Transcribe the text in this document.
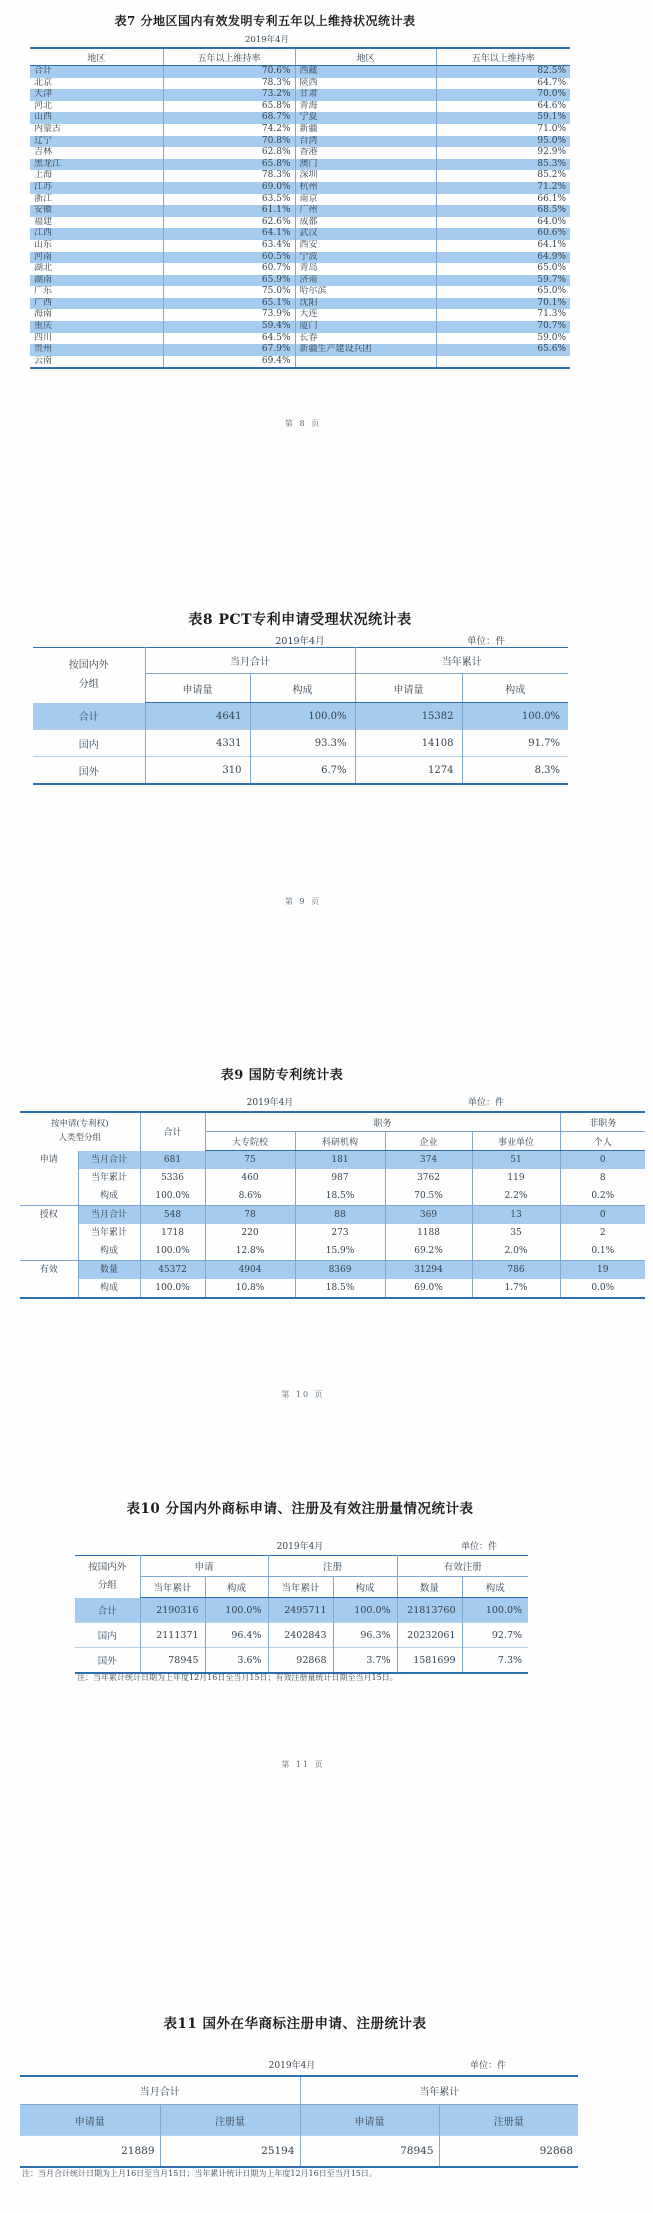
表7 分地区国内有效发明专利五年以上维持状况统计表
2019年4月
地区	五年以上维持率	地区	五年以上维持率
合计	70.6%	西藏	82.5%
北京	78.3%	陕西	64.7%
天津	73.2%	甘肃	70.0%
河北	65.8%	青海	64.6%
山西	68.7%	宁夏	59.1%
内蒙古	74.2%	新疆	71.0%
辽宁	70.8%	台湾	95.0%
吉林	62.8%	香港	92.9%
黑龙江	65.8%	澳门	85.3%
上海	78.3%	深圳	85.2%
江苏	69.0%	杭州	71.2%
浙江	63.5%	南京	66.1%
安徽	61.1%	广州	68.5%
福建	62.6%	成都	64.0%
江西	64.1%	武汉	60.6%
山东	63.4%	西安	64.1%
河南	60.5%	宁波	64.9%
湖北	60.7%	青岛	65.0%
湖南	65.9%	济南	59.7%
广东	75.0%	哈尔滨	65.0%
广西	65.1%	沈阳	70.1%
海南	73.9%	大连	71.3%
重庆	59.4%	厦门	70.7%
四川	64.5%	长春	59.0%
贵州	67.9%	新疆生产建设兵团	65.6%
云南	69.4%		
第 8 页
表8 PCT专利申请受理状况统计表
2019年4月	单位：件
按国内外
分组	当月合计		当年累计	
	申请量	构成	申请量	构成
合计	4641	100.0%	15382	100.0%
国内	4331	93.3%	14108	91.7%
国外	310	6.7%	1274	8.3%
第 9 页
表9 国防专利统计表
2019年4月	单位：件
按申请(专利权)
人类型分组		合计	职务				非职务
			大专院校	科研机构	企业	事业单位	个人
申请	当月合计	681	75	181	374	51	0
	当年累计	5336	460	987	3762	119	8
	构成	100.0%	8.6%	18.5%	70.5%	2.2%	0.2%
授权	当月合计	548	78	88	369	13	0
	当年累计	1718	220	273	1188	35	2
	构成	100.0%	12.8%	15.9%	69.2%	2.0%	0.1%
有效	数量	45372	4904	8369	31294	786	19
	构成	100.0%	10.8%	18.5%	69.0%	1.7%	0.0%
第 10 页
表10 分国内外商标申请、注册及有效注册量情况统计表
2019年4月	单位：件
按国内外
分组	申请		注册		有效注册	
	当年累计	构成	当年累计	构成	数量	构成
合计	2190316	100.0%	2495711	100.0%	21813760	100.0%
国内	2111371	96.4%	2402843	96.3%	20232061	92.7%
国外	78945	3.6%	92868	3.7%	1581699	7.3%
注：当年累计统计日期为上年度12月16日至当月15日；有效注册量统计日期至当月15日。
第 11 页
表11 国外在华商标注册申请、注册统计表
2019年4月	单位：件
当月合计		当年累计	
申请量	注册量	申请量	注册量
21889	25194	78945	92868
注：当月合计统计日期为上月16日至当月15日；当年累计统计日期为上年度12月16日至当月15日。
